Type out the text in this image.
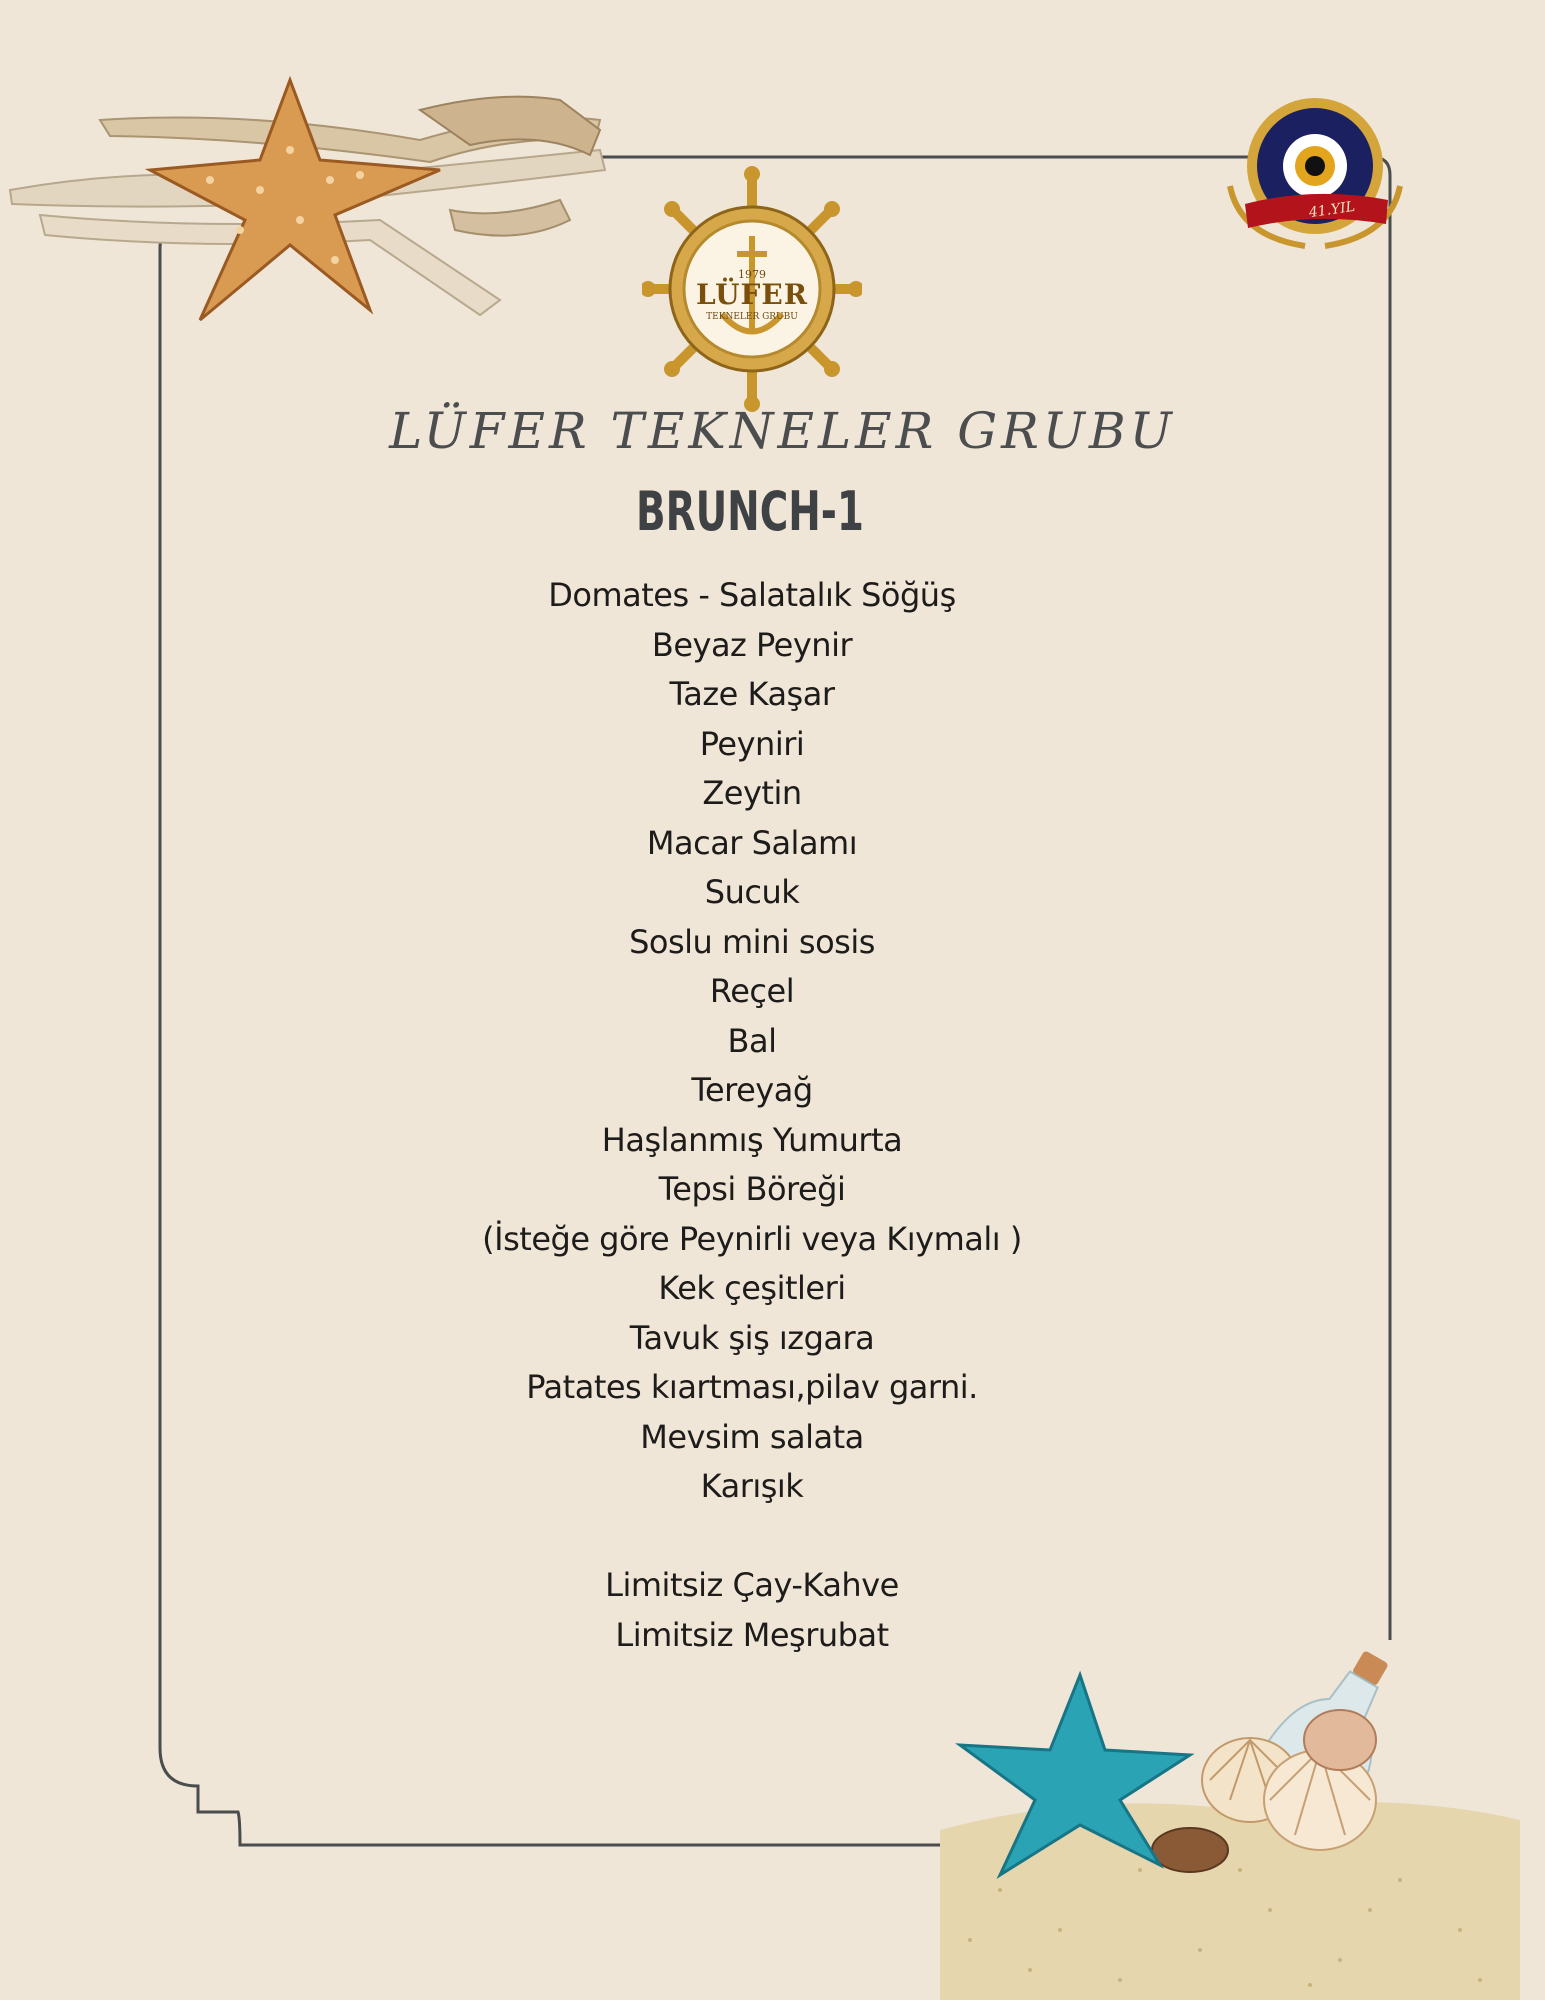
41.YIL
1979
LÜFER
TEKNELER GRUBU
LÜFER TEKNELER GRUBU
BRUNCH-1
Domates - Salatalık Söğüş
Beyaz Peynir
Taze Kaşar
Peyniri
Zeytin
Macar Salamı
Sucuk
Soslu mini sosis
Reçel
Bal
Tereyağ
Haşlanmış Yumurta
Tepsi Böreği
(İsteğe göre Peynirli veya Kıymalı )
Kek çeşitleri
Tavuk şiş ızgara
Patates kıartması,pilav garni.
Mevsim salata
Karışık
Limitsiz Çay-Kahve
Limitsiz Meşrubat
